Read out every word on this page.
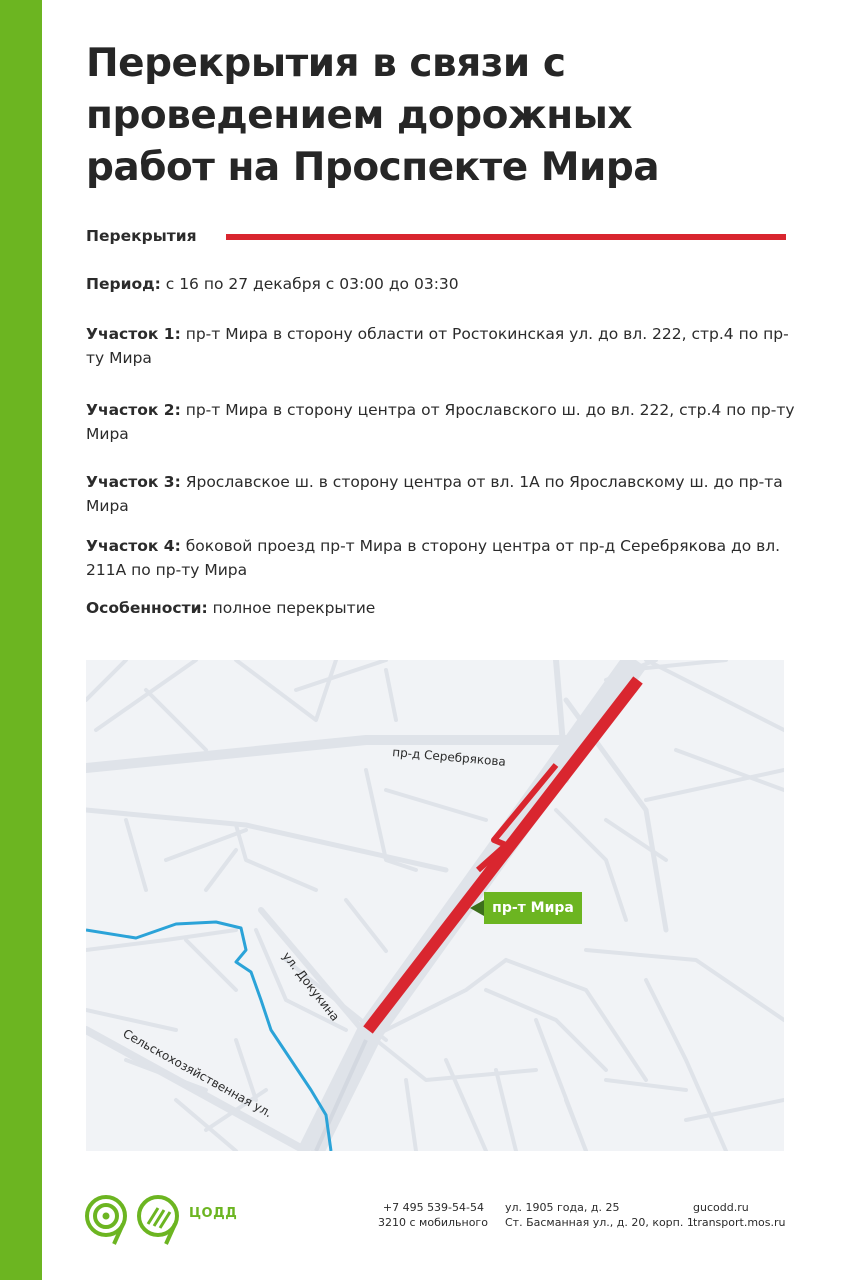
Перекрытия в связи с
проведением дорожных
работ на Проспекте Мира
Перекрытия
Период: с 16 по 27 декабря с 03:00 до 03:30
Участок 1: пр-т Мира в сторону области от Ростокинская ул. до вл. 222, стр.4 по пр-ту Мира
Участок 2: пр-т Мира в сторону центра от Ярославского ш. до вл. 222, стр.4 по пр-ту Мира
Участок 3: Ярославское ш. в сторону центра от вл. 1А по Ярославскому ш. до пр-та Мира
Участок 4: боковой проезд пр-т Мира в сторону центра от пр-д Серебрякова до вл. 211А по пр-ту Мира
Особенности: полное перекрытие
пр-д Серебрякова
ул. Докукина
Сельскохозяйственная ул.
пр-т Мира
ЦОДД	+7 495 539-54-54
3210 с мобильного
ул. 1905 года, д. 25
Ст. Басманная ул., д. 20, корп. 1
gucodd.ru
transport.mos.ru
